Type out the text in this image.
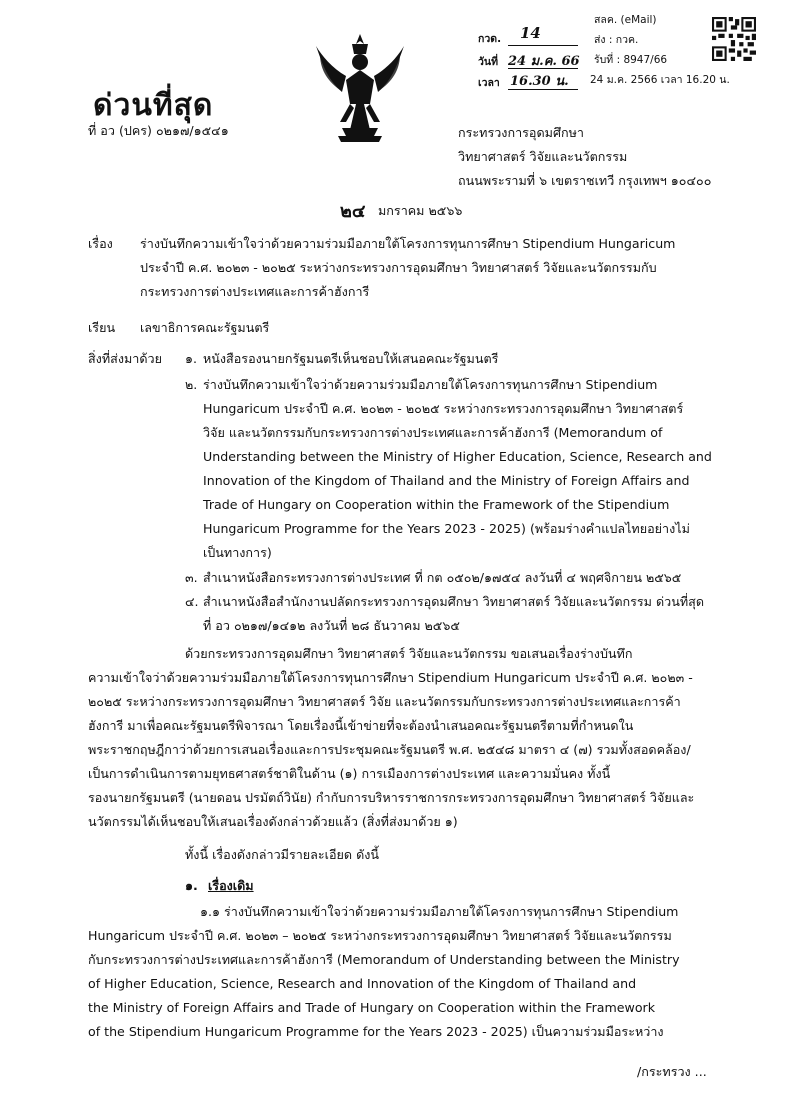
ด่วนที่สุด
ที่ อว (ปคร) ๐๒๑๗/๑๕๔๑
กวด. 14
วันที่ 24 ม.ค. 66
เวลา 16.30 น.
สลค. (eMail)
ส่ง : กวค.
รับที่ : 8947/66
24 ม.ค. 2566 เวลา 16.20 น.
กระทรวงการอุดมศึกษา
วิทยาศาสตร์ วิจัยและนวัตกรรม
ถนนพระรามที่ ๖ เขตราชเทวี กรุงเทพฯ ๑๐๔๐๐
๒๔ มกราคม ๒๕๖๖
เรื่อง ร่างบันทึกความเข้าใจว่าด้วยความร่วมมือภายใต้โครงการทุนการศึกษา Stipendium Hungaricum
ประจำปี ค.ศ. ๒๐๒๓ - ๒๐๒๕ ระหว่างกระทรวงการอุดมศึกษา วิทยาศาสตร์ วิจัยและนวัตกรรมกับ
กระทรวงการต่างประเทศและการค้าฮังการี
เรียน เลขาธิการคณะรัฐมนตรี
สิ่งที่ส่งมาด้วย ๑. หนังสือรองนายกรัฐมนตรีเห็นชอบให้เสนอคณะรัฐมนตรี
๒. ร่างบันทึกความเข้าใจว่าด้วยความร่วมมือภายใต้โครงการทุนการศึกษา Stipendium
Hungaricum ประจำปี ค.ศ. ๒๐๒๓ - ๒๐๒๕ ระหว่างกระทรวงการอุดมศึกษา วิทยาศาสตร์
วิจัย และนวัตกรรมกับกระทรวงการต่างประเทศและการค้าฮังการี (Memorandum of
Understanding between the Ministry of Higher Education, Science, Research and
Innovation of the Kingdom of Thailand and the Ministry of Foreign Affairs and
Trade of Hungary on Cooperation within the Framework of the Stipendium
Hungaricum Programme for the Years 2023 - 2025) (พร้อมร่างคำแปลไทยอย่างไม่
เป็นทางการ)
๓. สำเนาหนังสือกระทรวงการต่างประเทศ ที่ กต ๐๕๐๒/๑๗๕๔ ลงวันที่ ๔ พฤศจิกายน ๒๕๖๕
๔. สำเนาหนังสือสำนักงานปลัดกระทรวงการอุดมศึกษา วิทยาศาสตร์ วิจัยและนวัตกรรม ด่วนที่สุด
ที่ อว ๐๒๑๗/๑๔๑๒ ลงวันที่ ๒๘ ธันวาคม ๒๕๖๕
ด้วยกระทรวงการอุดมศึกษา วิทยาศาสตร์ วิจัยและนวัตกรรม ขอเสนอเรื่องร่างบันทึก
ความเข้าใจว่าด้วยความร่วมมือภายใต้โครงการทุนการศึกษา Stipendium Hungaricum ประจำปี ค.ศ. ๒๐๒๓ -
๒๐๒๕ ระหว่างกระทรวงการอุดมศึกษา วิทยาศาสตร์ วิจัย และนวัตกรรมกับกระทรวงการต่างประเทศและการค้า
ฮังการี มาเพื่อคณะรัฐมนตรีพิจารณา โดยเรื่องนี้เข้าข่ายที่จะต้องนำเสนอคณะรัฐมนตรีตามที่กำหนดใน
พระราชกฤษฎีกาว่าด้วยการเสนอเรื่องและการประชุมคณะรัฐมนตรี พ.ศ. ๒๕๔๘ มาตรา ๔ (๗) รวมทั้งสอดคล้อง/
เป็นการดำเนินการตามยุทธศาสตร์ชาติในด้าน (๑) การเมืองการต่างประเทศ และความมั่นคง ทั้งนี้
รองนายกรัฐมนตรี (นายดอน ปรมัตถ์วินัย) กำกับการบริหารราชการกระทรวงการอุดมศึกษา วิทยาศาสตร์ วิจัยและ
นวัตกรรมได้เห็นชอบให้เสนอเรื่องดังกล่าวด้วยแล้ว (สิ่งที่ส่งมาด้วย ๑)
ทั้งนี้ เรื่องดังกล่าวมีรายละเอียด ดังนี้
๑. เรื่องเดิม
๑.๑ ร่างบันทึกความเข้าใจว่าด้วยความร่วมมือภายใต้โครงการทุนการศึกษา Stipendium
Hungaricum ประจำปี ค.ศ. ๒๐๒๓ – ๒๐๒๕ ระหว่างกระทรวงการอุดมศึกษา วิทยาศาสตร์ วิจัยและนวัตกรรม
กับกระทรวงการต่างประเทศและการค้าฮังการี (Memorandum of Understanding between the Ministry
of Higher Education, Science, Research and Innovation of the Kingdom of Thailand and
the Ministry of Foreign Affairs and Trade of Hungary on Cooperation within the Framework
of the Stipendium Hungaricum Programme for the Years 2023 - 2025) เป็นความร่วมมือระหว่าง
/กระทรวง ...
